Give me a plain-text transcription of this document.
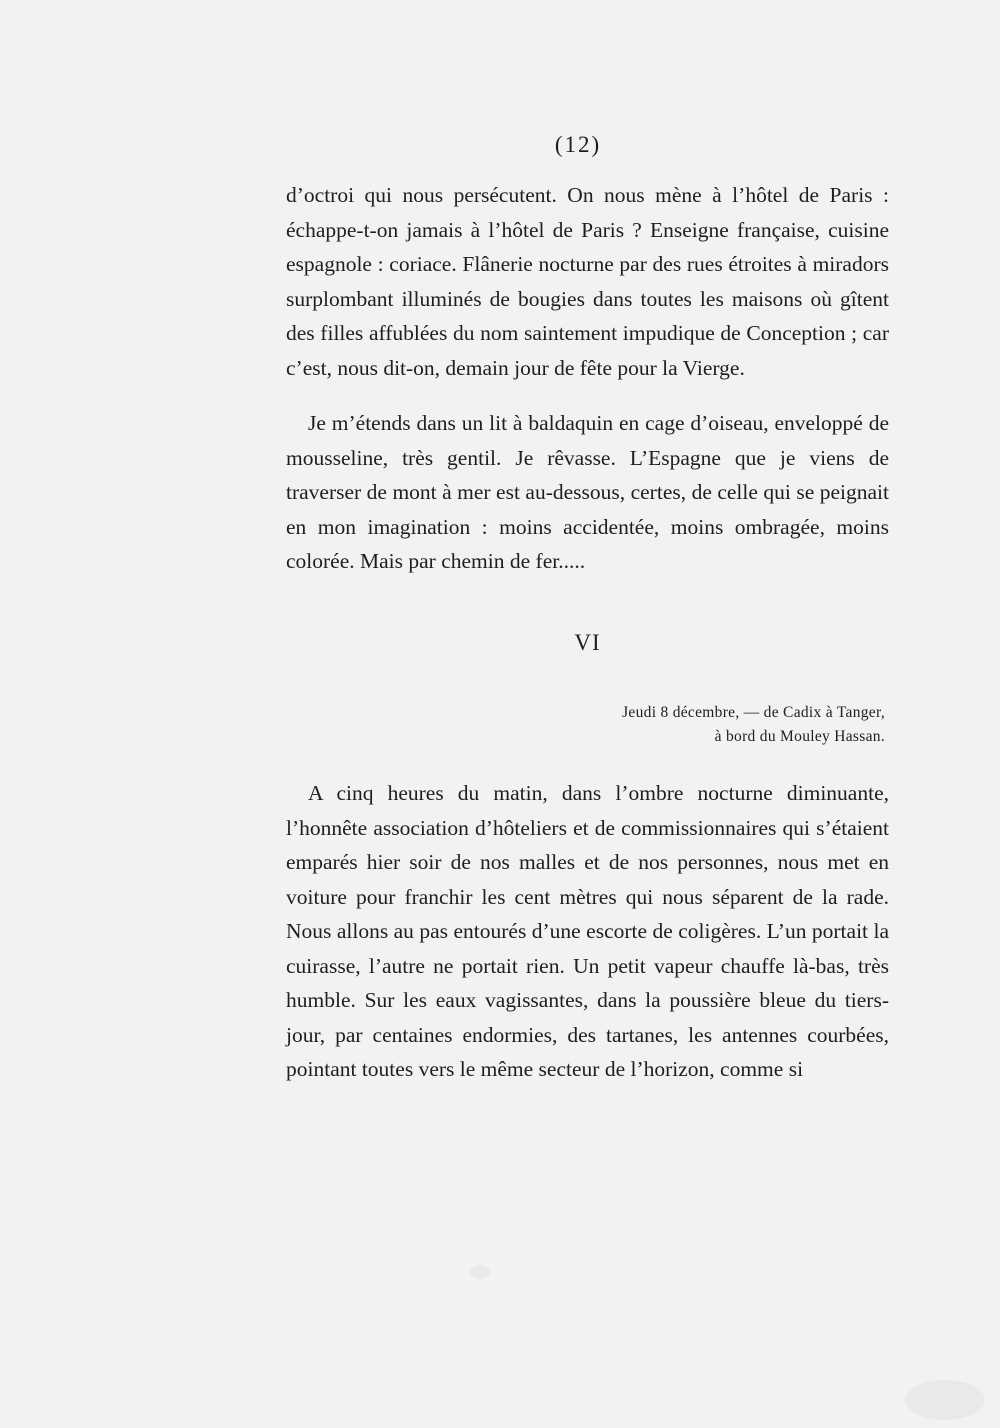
(12)

d’octroi qui nous persécutent. On nous mène à l’hôtel de Paris : échappe-t-on jamais à l’hôtel de Paris ? Enseigne française, cuisine espagnole : coriace. Flânerie nocturne par des rues étroites à miradors surplombant illuminés de bougies dans toutes les maisons où gîtent des filles affublées du nom saintement impudique de Conception ; car c’est, nous dit-on, demain jour de fête pour la Vierge.

Je m’étends dans un lit à baldaquin en cage d’oiseau, enveloppé de mousseline, très gentil. Je rêvasse. L’Espagne que je viens de traverser de mont à mer est au-dessous, certes, de celle qui se peignait en mon imagination : moins accidentée, moins ombragée, moins colorée. Mais par chemin de fer.....

VI
Jeudi 8 décembre, — de Cadix à Tanger,
à bord du Mouley Hassan.

A cinq heures du matin, dans l’ombre nocturne diminuante, l’honnête association d’hôteliers et de commissionnaires qui s’étaient emparés hier soir de nos malles et de nos personnes, nous met en voiture pour franchir les cent mètres qui nous séparent de la rade. Nous allons au pas entourés d’une escorte de coligères. L’un portait la cuirasse, l’autre ne portait rien. Un petit vapeur chauffe là-bas, très humble. Sur les eaux vagissantes, dans la poussière bleue du tiers-jour, par centaines endormies, des tartanes, les antennes courbées, pointant toutes vers le même secteur de l’horizon, comme si
